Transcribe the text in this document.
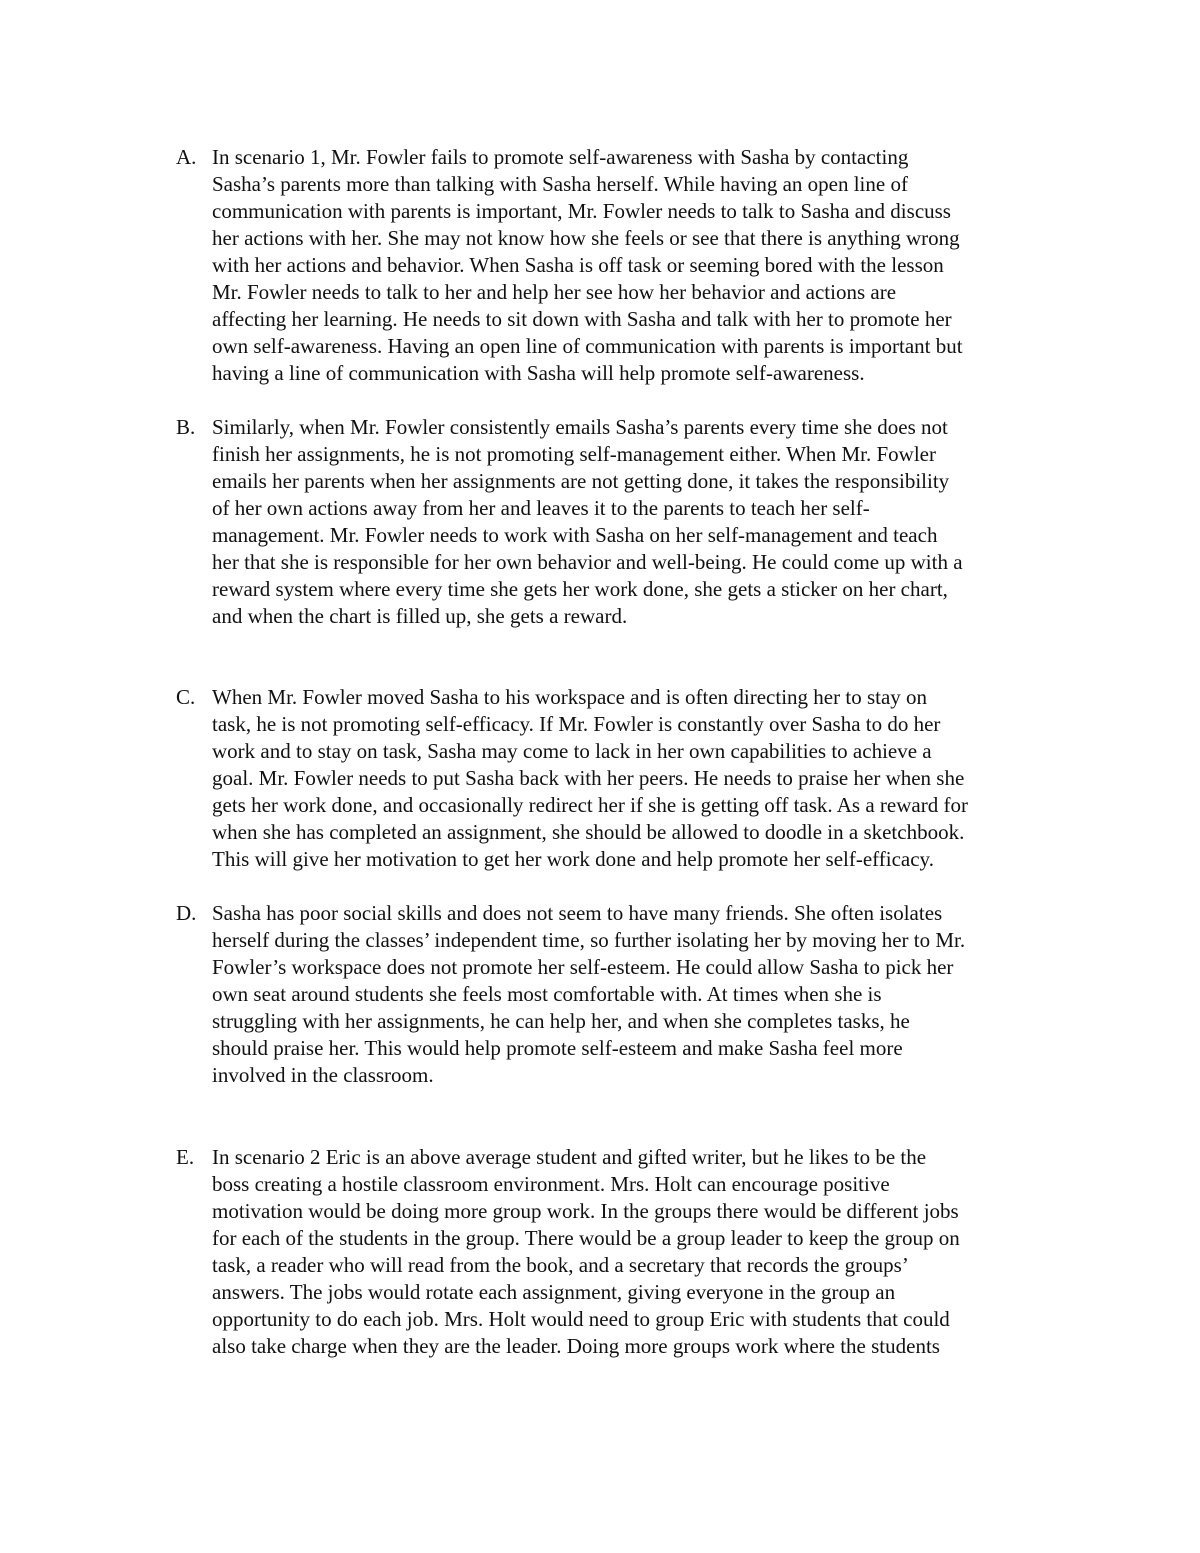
A. In scenario 1, Mr. Fowler fails to promote self-awareness with Sasha by contacting
Sasha’s parents more than talking with Sasha herself. While having an open line of
communication with parents is important, Mr. Fowler needs to talk to Sasha and discuss
her actions with her. She may not know how she feels or see that there is anything wrong
with her actions and behavior. When Sasha is off task or seeming bored with the lesson
Mr. Fowler needs to talk to her and help her see how her behavior and actions are
affecting her learning. He needs to sit down with Sasha and talk with her to promote her
own self-awareness. Having an open line of communication with parents is important but
having a line of communication with Sasha will help promote self-awareness.
B. Similarly, when Mr. Fowler consistently emails Sasha’s parents every time she does not
finish her assignments, he is not promoting self-management either. When Mr. Fowler
emails her parents when her assignments are not getting done, it takes the responsibility
of her own actions away from her and leaves it to the parents to teach her self-
management. Mr. Fowler needs to work with Sasha on her self-management and teach
her that she is responsible for her own behavior and well-being. He could come up with a
reward system where every time she gets her work done, she gets a sticker on her chart,
and when the chart is filled up, she gets a reward.
C. When Mr. Fowler moved Sasha to his workspace and is often directing her to stay on
task, he is not promoting self-efficacy. If Mr. Fowler is constantly over Sasha to do her
work and to stay on task, Sasha may come to lack in her own capabilities to achieve a
goal. Mr. Fowler needs to put Sasha back with her peers. He needs to praise her when she
gets her work done, and occasionally redirect her if she is getting off task. As a reward for
when she has completed an assignment, she should be allowed to doodle in a sketchbook.
This will give her motivation to get her work done and help promote her self-efficacy.
D. Sasha has poor social skills and does not seem to have many friends. She often isolates
herself during the classes’ independent time, so further isolating her by moving her to Mr.
Fowler’s workspace does not promote her self-esteem. He could allow Sasha to pick her
own seat around students she feels most comfortable with. At times when she is
struggling with her assignments, he can help her, and when she completes tasks, he
should praise her. This would help promote self-esteem and make Sasha feel more
involved in the classroom.
E. In scenario 2 Eric is an above average student and gifted writer, but he likes to be the
boss creating a hostile classroom environment. Mrs. Holt can encourage positive
motivation would be doing more group work. In the groups there would be different jobs
for each of the students in the group. There would be a group leader to keep the group on
task, a reader who will read from the book, and a secretary that records the groups’
answers. The jobs would rotate each assignment, giving everyone in the group an
opportunity to do each job. Mrs. Holt would need to group Eric with students that could
also take charge when they are the leader. Doing more groups work where the students
